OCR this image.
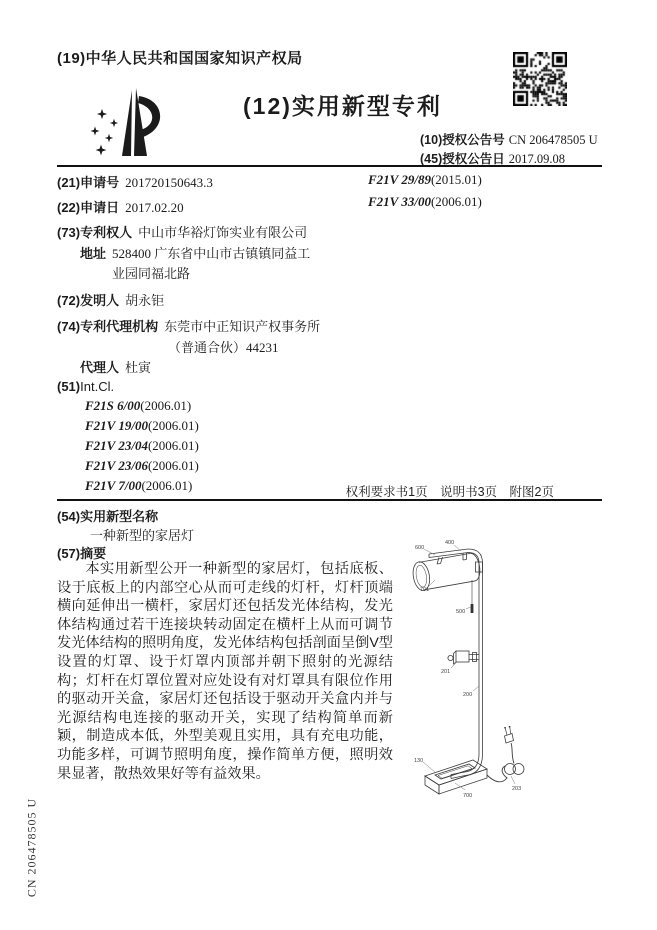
(19)中华人民共和国国家知识产权局
(12)实用新型专利
(10)授权公告号 CN 206478505 U
(45)授权公告日 2017.09.08
(21)申请号 201720150643.3
(22)申请日 2017.02.20
(73)专利权人 中山市华裕灯饰实业有限公司
地址 528400 广东省中山市古镇镇同益工
业园同福北路
(72)发明人 胡永钜
(74)专利代理机构 东莞市中正知识产权事务所
（普通合伙）44231
代理人 杜寅
(51)Int.Cl.
F21S 6/00(2006.01)
F21V 19/00(2006.01)
F21V 23/04(2006.01)
F21V 23/06(2006.01)
F21V 7/00(2006.01)
F21V 29/89(2015.01)
F21V 33/00(2006.01)
权利要求书1页　说明书3页　附图2页
(54)实用新型名称
一种新型的家居灯
(57)摘要

本实用新型公开一种新型的家居灯，包括底板、设于底板上的内部空心从而可走线的灯杆，灯杆顶端横向延伸出一横杆，家居灯还包括发光体结构，发光体结构通过若干连接块转动固定在横杆上从而可调节发光体结构的照明角度，发光体结构包括剖面呈倒V型设置的灯罩、设于灯罩内顶部并朝下照射的光源结构；灯杆在灯罩位置对应处设有对灯罩具有限位作用的驱动开关盒，家居灯还包括设于驱动开关盒内并与光源结构电连接的驱动开关，实现了结构简单而新颖，制造成本低，外型美观且实用，具有充电功能，功能多样，可调节照明角度，操作简单方便，照明效果显著，散热效果好等有益效果。

600
400
701
500
201
200
130
700
203
CN 206478505 U
